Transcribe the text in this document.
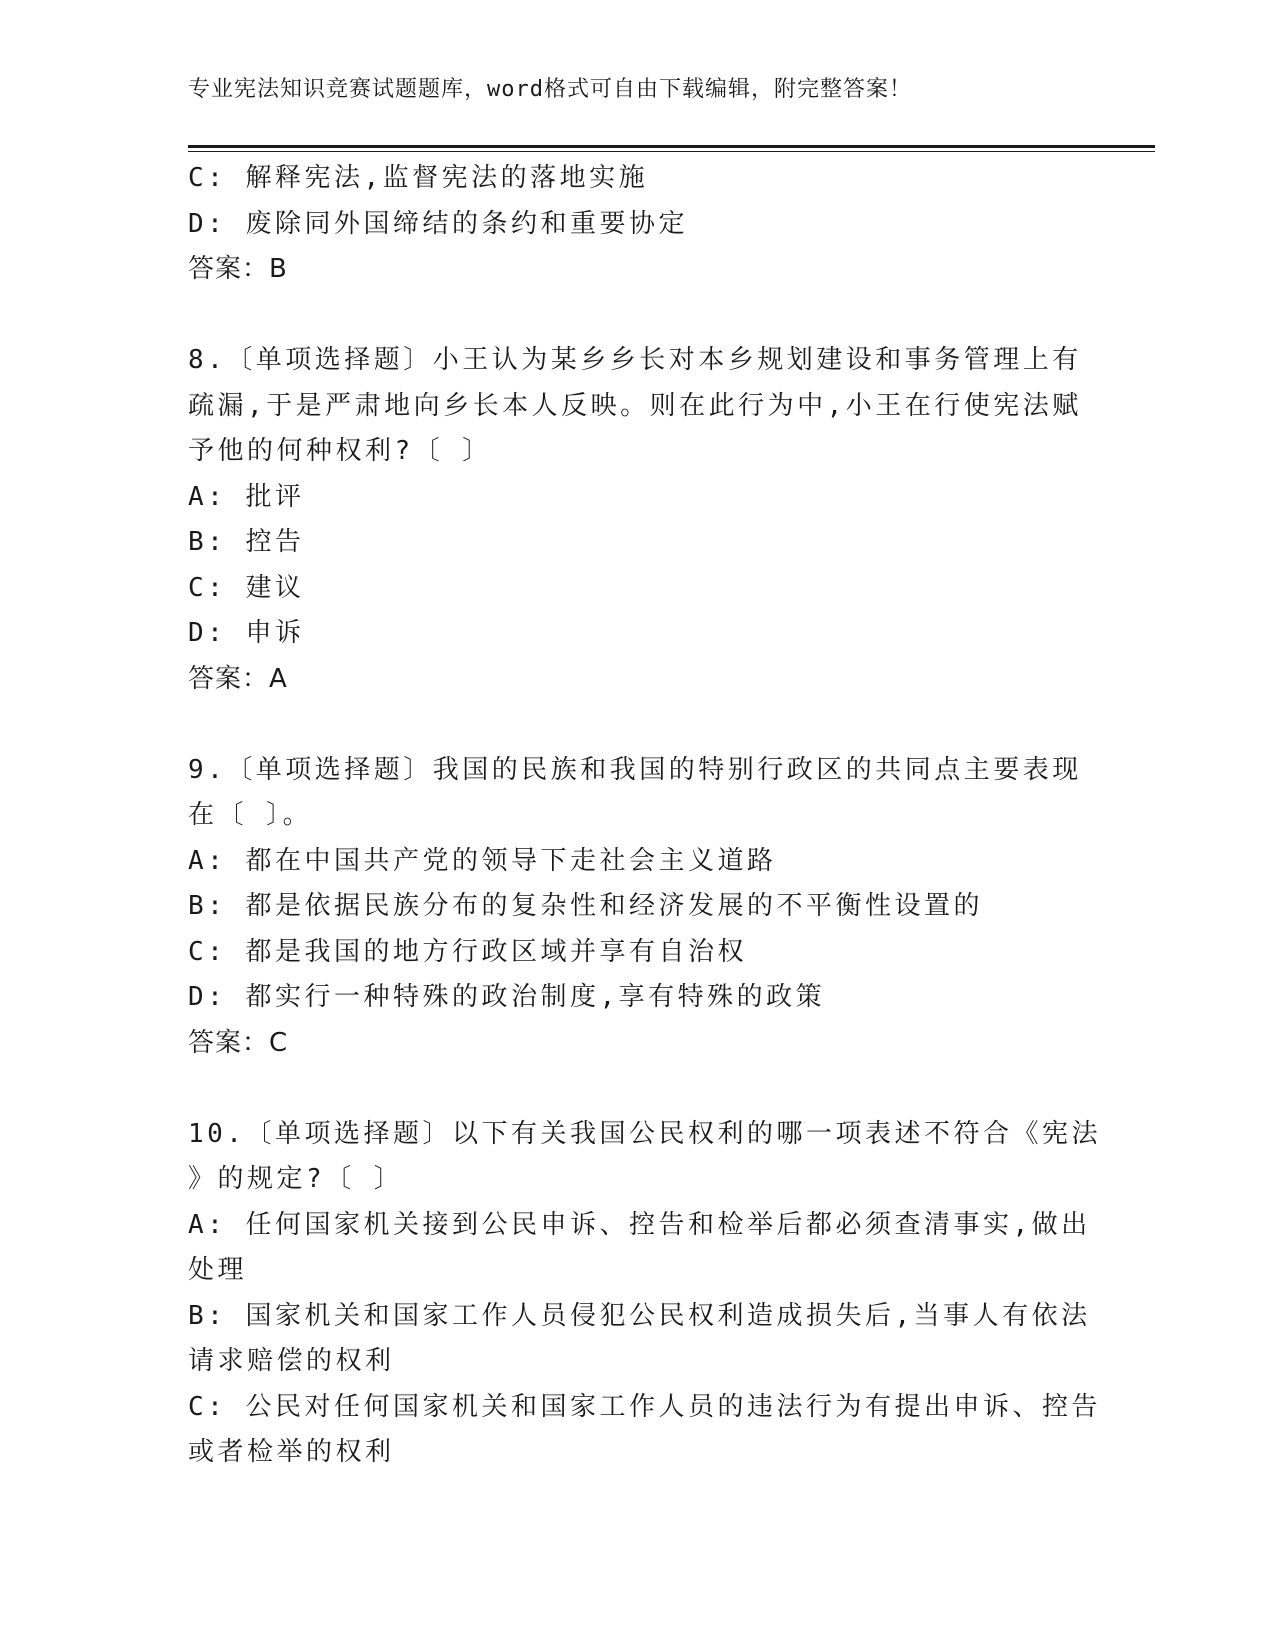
专业宪法知识竞赛试题题库，word格式可自由下载编辑，附完整答案！
C: 解释宪法,监督宪法的落地实施
D: 废除同外国缔结的条约和重要协定
答案：B
8.〔单项选择题〕小王认为某乡乡长对本乡规划建设和事务管理上有
疏漏,于是严肃地向乡长本人反映。则在此行为中,小王在行使宪法赋
予他的何种权利?〔 〕
A: 批评
B: 控告
C: 建议
D: 申诉
答案：A
9.〔单项选择题〕我国的民族和我国的特别行政区的共同点主要表现
在〔 〕。
A: 都在中国共产党的领导下走社会主义道路
B: 都是依据民族分布的复杂性和经济发展的不平衡性设置的
C: 都是我国的地方行政区域并享有自治权
D: 都实行一种特殊的政治制度,享有特殊的政策
答案：C
10.〔单项选择题〕以下有关我国公民权利的哪一项表述不符合《宪法
》的规定?〔 〕
A: 任何国家机关接到公民申诉、控告和检举后都必须查清事实,做出
处理
B: 国家机关和国家工作人员侵犯公民权利造成损失后,当事人有依法
请求赔偿的权利
C: 公民对任何国家机关和国家工作人员的违法行为有提出申诉、控告
或者检举的权利
